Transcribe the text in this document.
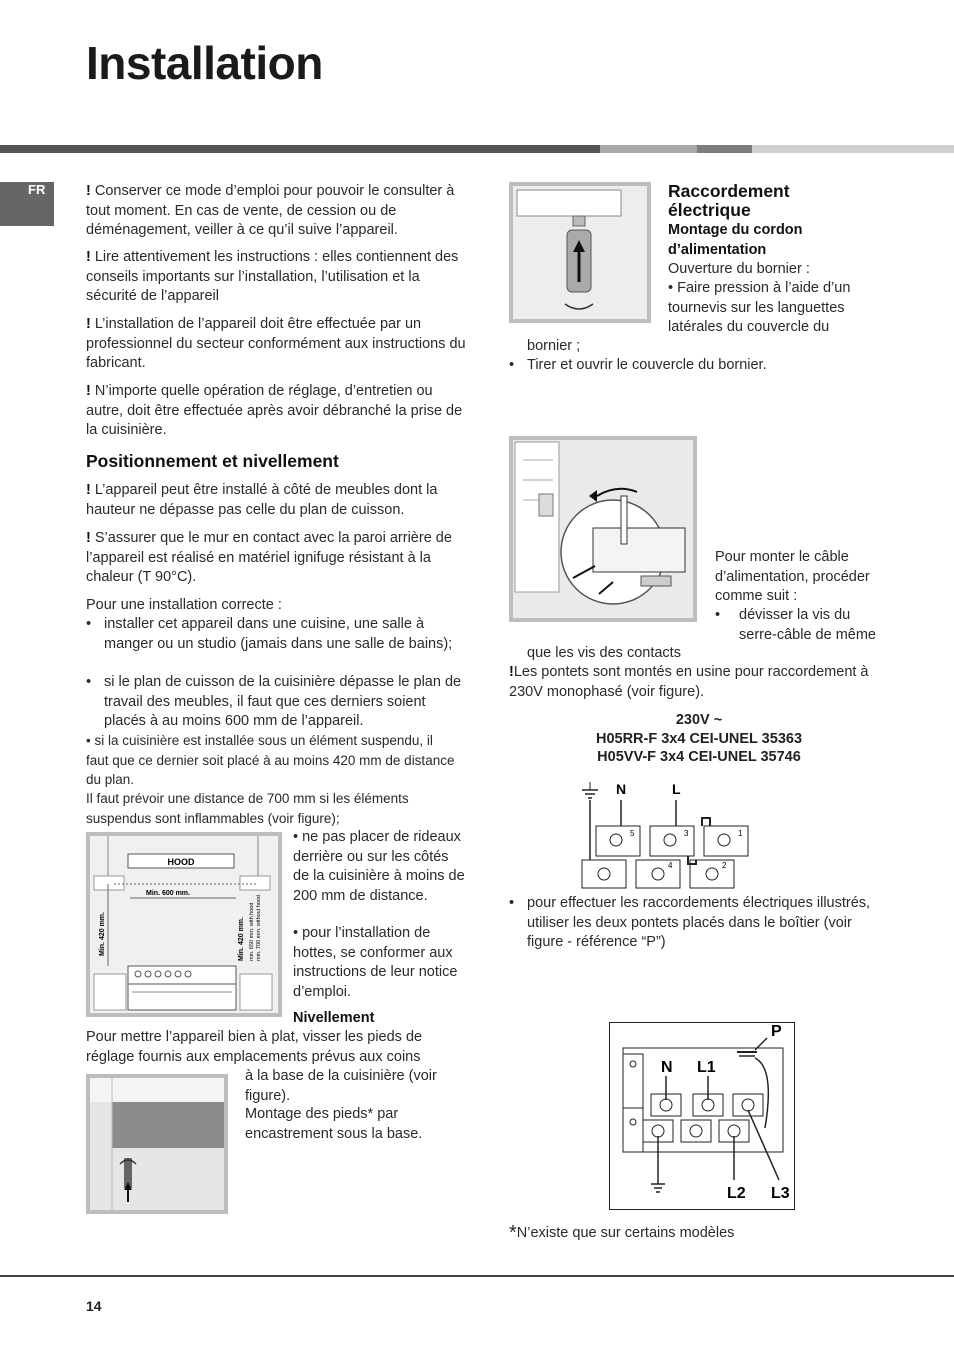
Installation
FR	! Conserver ce mode d’emploi pour pouvoir le consulter à tout moment. En cas de vente, de cession ou de déménagement, veiller à ce qu’il suive l’appareil.
! Lire attentivement les instructions : elles contiennent des conseils importants sur l’installation, l’utilisation et la sécurité de l’appareil
! L’installation de l’appareil doit être effectuée par un professionnel du secteur conformément aux instructions du fabricant.
! N’importe quelle opération de réglage, d’entretien ou autre, doit être effectuée après avoir débranché la prise de la cuisinière.
Positionnement et nivellement
! L’appareil peut être installé à côté de meubles dont la hauteur ne dépasse pas celle du plan de cuisson.
! S’assurer que le mur en contact avec la paroi arrière de l’appareil est réalisé en matériel ignifuge résistant à la chaleur (T 90°C).
Pour une installation correcte :
• installer cet appareil dans une cuisine, une salle à manger ou un studio (jamais dans une salle de bains);
• si le plan de cuisson de la cuisinière dépasse le plan de travail des meubles, il faut que ces derniers soient placés à au moins 600 mm de l’appareil.
• si la cuisinière est installée sous un élément suspendu, il faut que ce dernier soit placé à au moins 420 mm de distance du plan.
Il faut prévoir une distance de 700 mm si les éléments suspendus sont inflammables (voir figure);
HOOD
Min. 600 mm.
Min. 420 mm.	Min. 420 mm. min. 650 mm. with hood min. 700 mm. without hood
• ne pas placer de rideaux derrière ou sur les côtés de la cuisinière à moins de 200 mm de distance.
• pour l’installation de hottes, se conformer aux instructions de leur notice d’emploi.
Nivellement
Pour mettre l’appareil bien à plat, visser les pieds de réglage fournis aux emplacements prévus aux coins
à la base de la cuisinière (voir figure).
Montage des pieds* par encastrement sous la base.
Raccordement électrique
Montage du cordon d’alimentation
Ouverture du bornier :
• Faire pression à l’aide d’un tournevis sur les languettes latérales du couvercle du
bornier ;
• Tirer et ouvrir le couvercle du bornier.
Pour monter le câble d’alimentation, procéder comme suit :
• dévisser la vis du serre-câble de même
que les vis des contacts
!Les pontets sont montés en usine pour raccordement à 230V monophasé (voir figure).
230V ~
H05RR-F 3x4 CEI-UNEL 35363
H05VV-F 3x4 CEI-UNEL 35746
N	L
5	3	1
4	2
• pour effectuer les raccordements électriques illustrés, utiliser les deux pontets placés dans le boîtier (voir figure - référence “P”)
P
N L1
L2 L3
*N’existe que sur certains modèles
14
